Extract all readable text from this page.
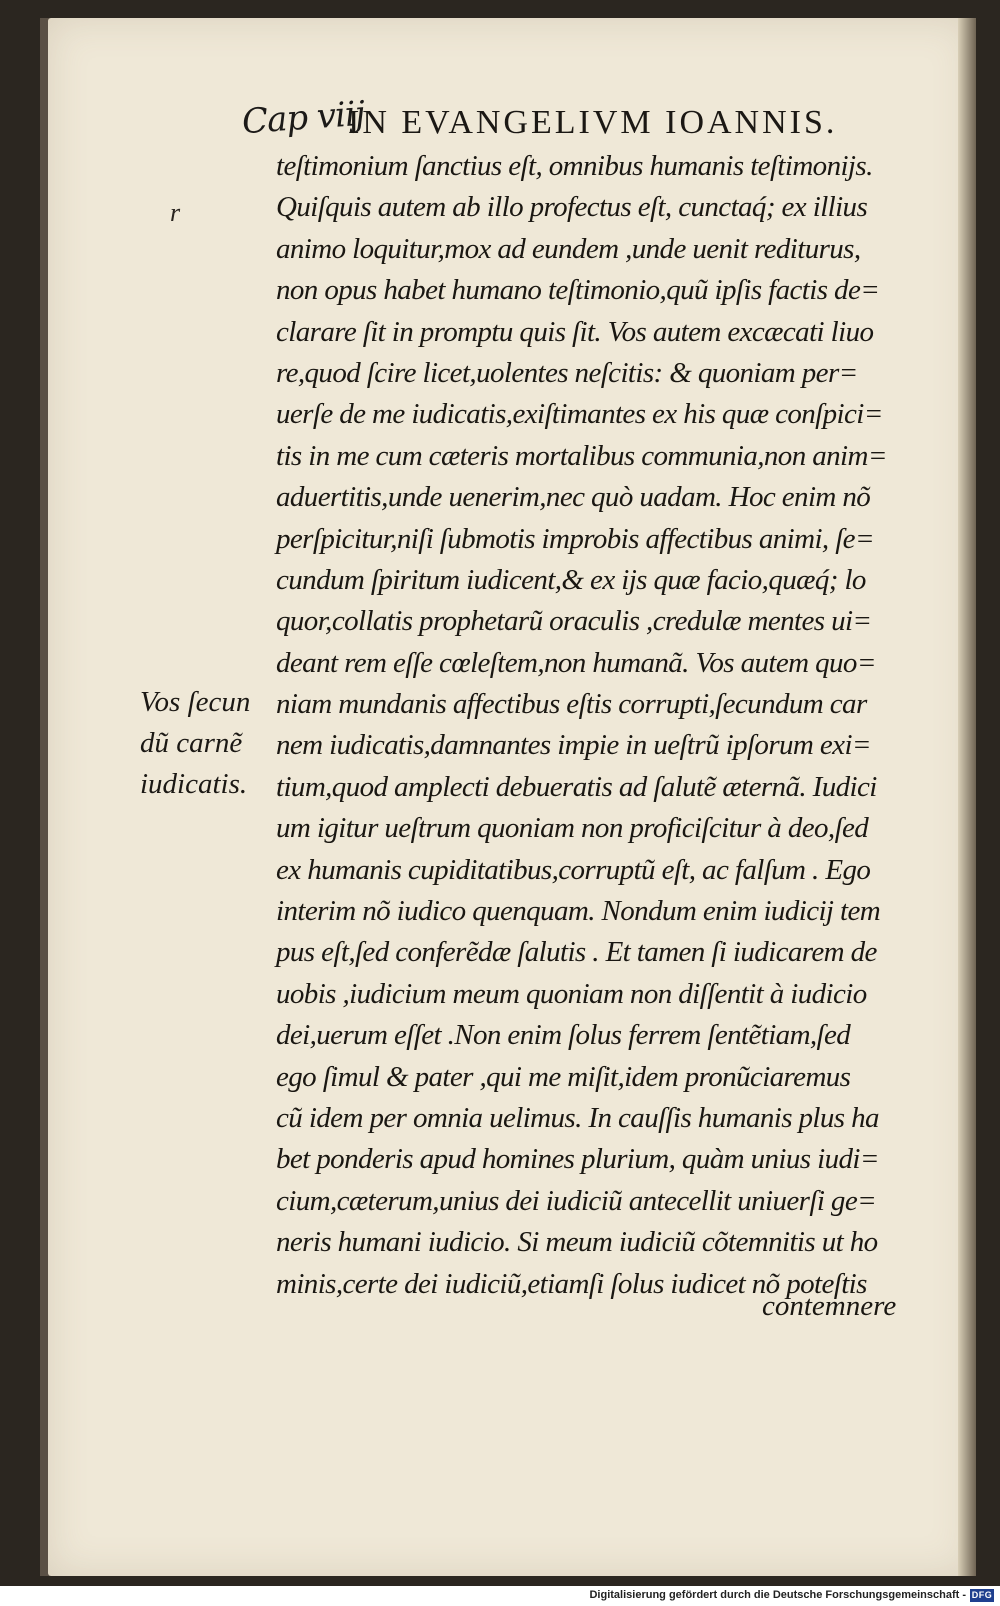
Cap viij
IN EVANGELIVM IOANNIS.
r
Vos ſecun
dũ carnẽ
iudicatis.
teſtimonium ſanctius eſt, omnibus humanis teſtimonijs.
Quiſquis autem ab illo profectus eſt, cunctaq́; ex illius
animo loquitur,mox ad eundem ,unde uenit rediturus,
non opus habet humano teſtimonio,quũ ipſis factis de=
clarare ſit in promptu quis ſit. Vos autem excæcati liuo
re,quod ſcire licet,uolentes neſcitis: & quoniam per=
uerſe de me iudicatis,exiſtimantes ex his quæ conſpici=
tis in me cum cæteris mortalibus communia,non anim=
aduertitis,unde uenerim,nec quò uadam. Hoc enim nõ
perſpicitur,niſi ſubmotis improbis affectibus animi, ſe=
cundum ſpiritum iudicent,& ex ijs quæ facio,quæq́; lo
quor,collatis prophetarũ oraculis ,credulæ mentes ui=
deant rem eſſe cœleſtem,non humanã. Vos autem quo=
niam mundanis affectibus eſtis corrupti,ſecundum car
nem iudicatis,damnantes impie in ueſtrũ ipſorum exi=
tium,quod amplecti debueratis ad ſalutẽ æternã. Iudici
um igitur ueſtrum quoniam non proficiſcitur à deo,ſed
ex humanis cupiditatibus,corruptũ eſt, ac falſum . Ego
interim nõ iudico quenquam. Nondum enim iudicij tem
pus eſt,ſed conferẽdæ ſalutis . Et tamen ſi iudicarem de
uobis ,iudicium meum quoniam non diſſentit à iudicio
dei,uerum eſſet .Non enim ſolus ferrem ſentẽtiam,ſed
ego ſimul & pater ,qui me miſit,idem pronũciaremus
cũ idem per omnia uelimus. In cauſſis humanis plus ha
bet ponderis apud homines plurium, quàm unius iudi=
cium,cæterum,unius dei iudiciũ antecellit uniuerſi ge=
neris humani iudicio. Si meum iudiciũ cõtemnitis ut ho
minis,certe dei iudiciũ,etiamſi ſolus iudicet nõ poteſtis
contemnere
Digitalisierung gefördert durch die Deutsche Forschungsgemeinschaft - DFG
